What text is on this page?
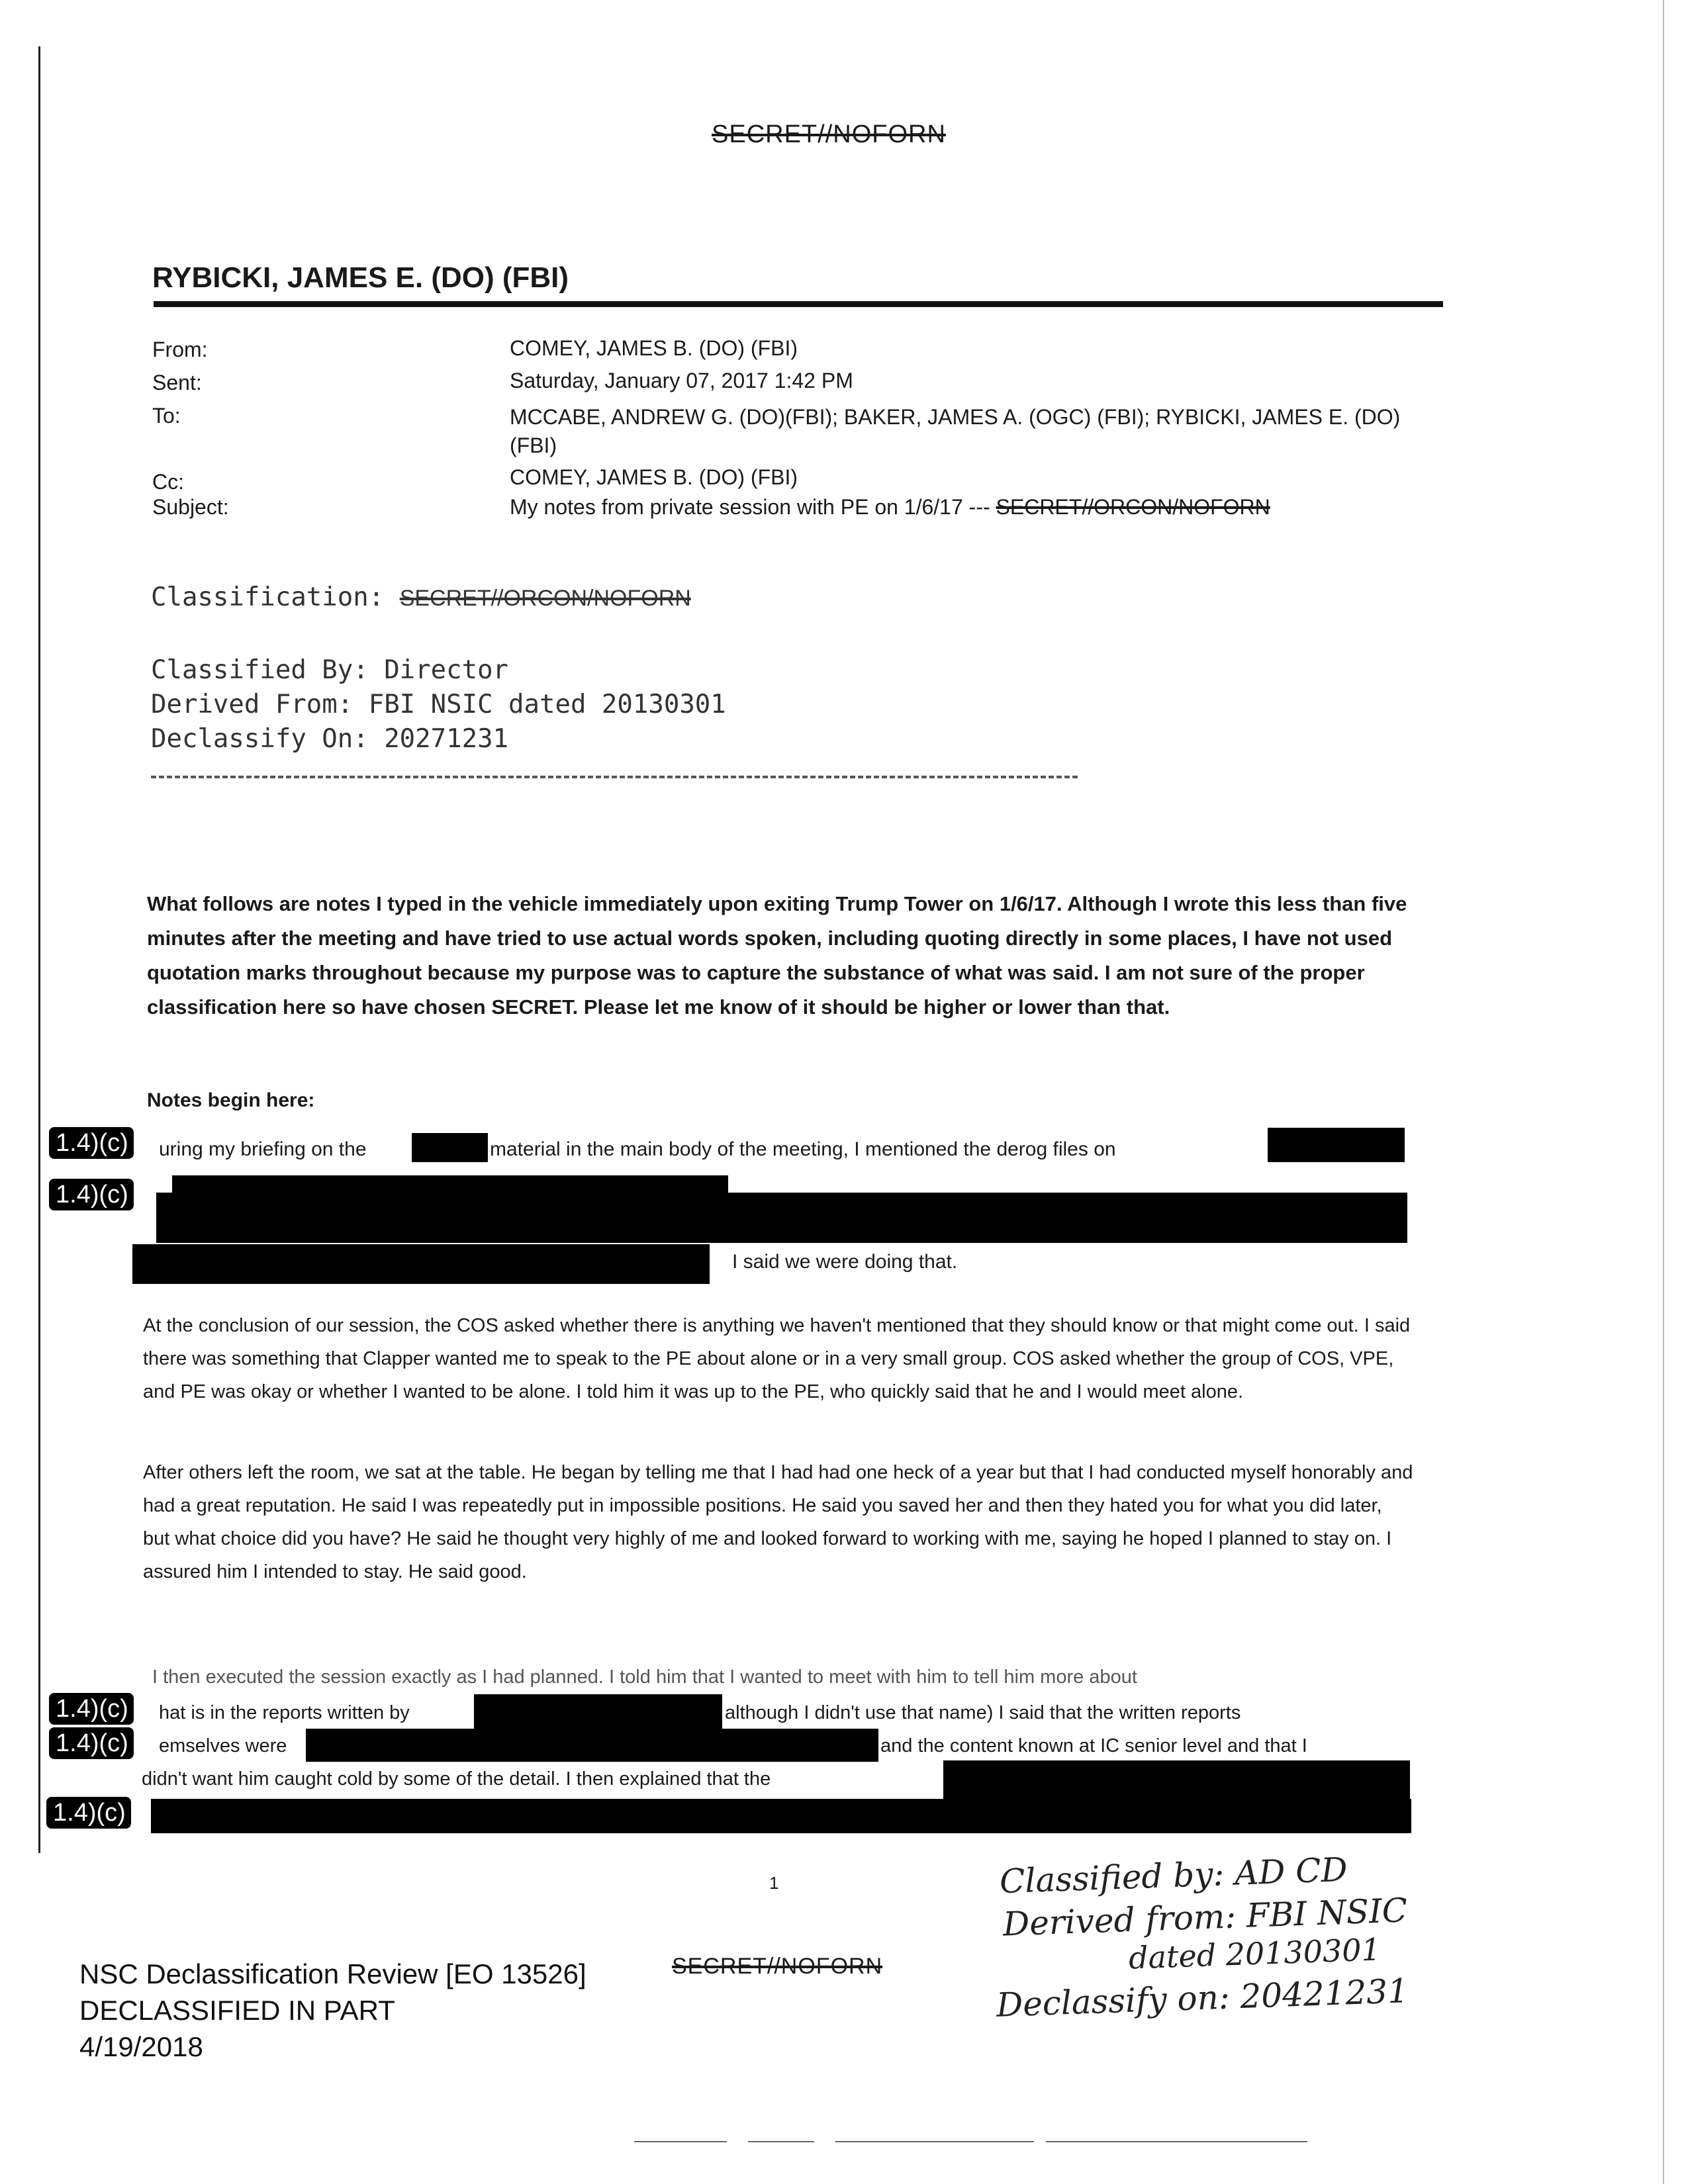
SECRET//NOFORN
RYBICKI, JAMES E. (DO) (FBI)
From:	COMEY, JAMES B. (DO) (FBI)
Sent:	Saturday, January 07, 2017 1:42 PM
To:	MCCABE, ANDREW G. (DO)(FBI); BAKER, JAMES A. (OGC) (FBI); RYBICKI, JAMES E. (DO)
(FBI)
Cc:	COMEY, JAMES B. (DO) (FBI)
Subject:	My notes from private session with PE on 1/6/17 --- SECRET//ORCON/NOFORN
Classification: SECRET//ORCON/NOFORN
Classified By: Director
Derived From: FBI NSIC dated 20130301
Declassify On: 20271231
What follows are notes I typed in the vehicle immediately upon exiting Trump Tower on 1/6/17. Although I wrote this less than five minutes after the meeting and have tried to use actual words spoken, including quoting directly in some places, I have not used quotation marks throughout because my purpose was to capture the substance of what was said. I am not sure of the proper classification here so have chosen SECRET. Please let me know of it should be higher or lower than that.
Notes begin here:
1.4)(c) uring my briefing on the	material in the main body of the meeting, I mentioned the derog files on
1.4)(c)
I said we were doing that.
At the conclusion of our session, the COS asked whether there is anything we haven't mentioned that they should know or that might come out. I said there was something that Clapper wanted me to speak to the PE about alone or in a very small group. COS asked whether the group of COS, VPE, and PE was okay or whether I wanted to be alone. I told him it was up to the PE, who quickly said that he and I would meet alone.
After others left the room, we sat at the table. He began by telling me that I had had one heck of a year but that I had conducted myself honorably and had a great reputation. He said I was repeatedly put in impossible positions. He said you saved her and then they hated you for what you did later, but what choice did you have? He said he thought very highly of me and looked forward to working with me, saying he hoped I planned to stay on. I assured him I intended to stay. He said good.
I then executed the session exactly as I had planned. I told him that I wanted to meet with him to tell him more about
1.4)(c) hat is in the reports written by	although I didn't use that name) I said that the written reports
1.4)(c) emselves were	and the content known at IC senior level and that I
didn't want him caught cold by some of the detail. I then explained that the
1.4)(c)
1	Classified by: AD CD
Derived from: FBI NSIC
dated 20130301
Declassify on: 20421231
NSC Declassification Review [EO 13526]
DECLASSIFIED IN PART
4/19/2018
SECRET//NOFORN
